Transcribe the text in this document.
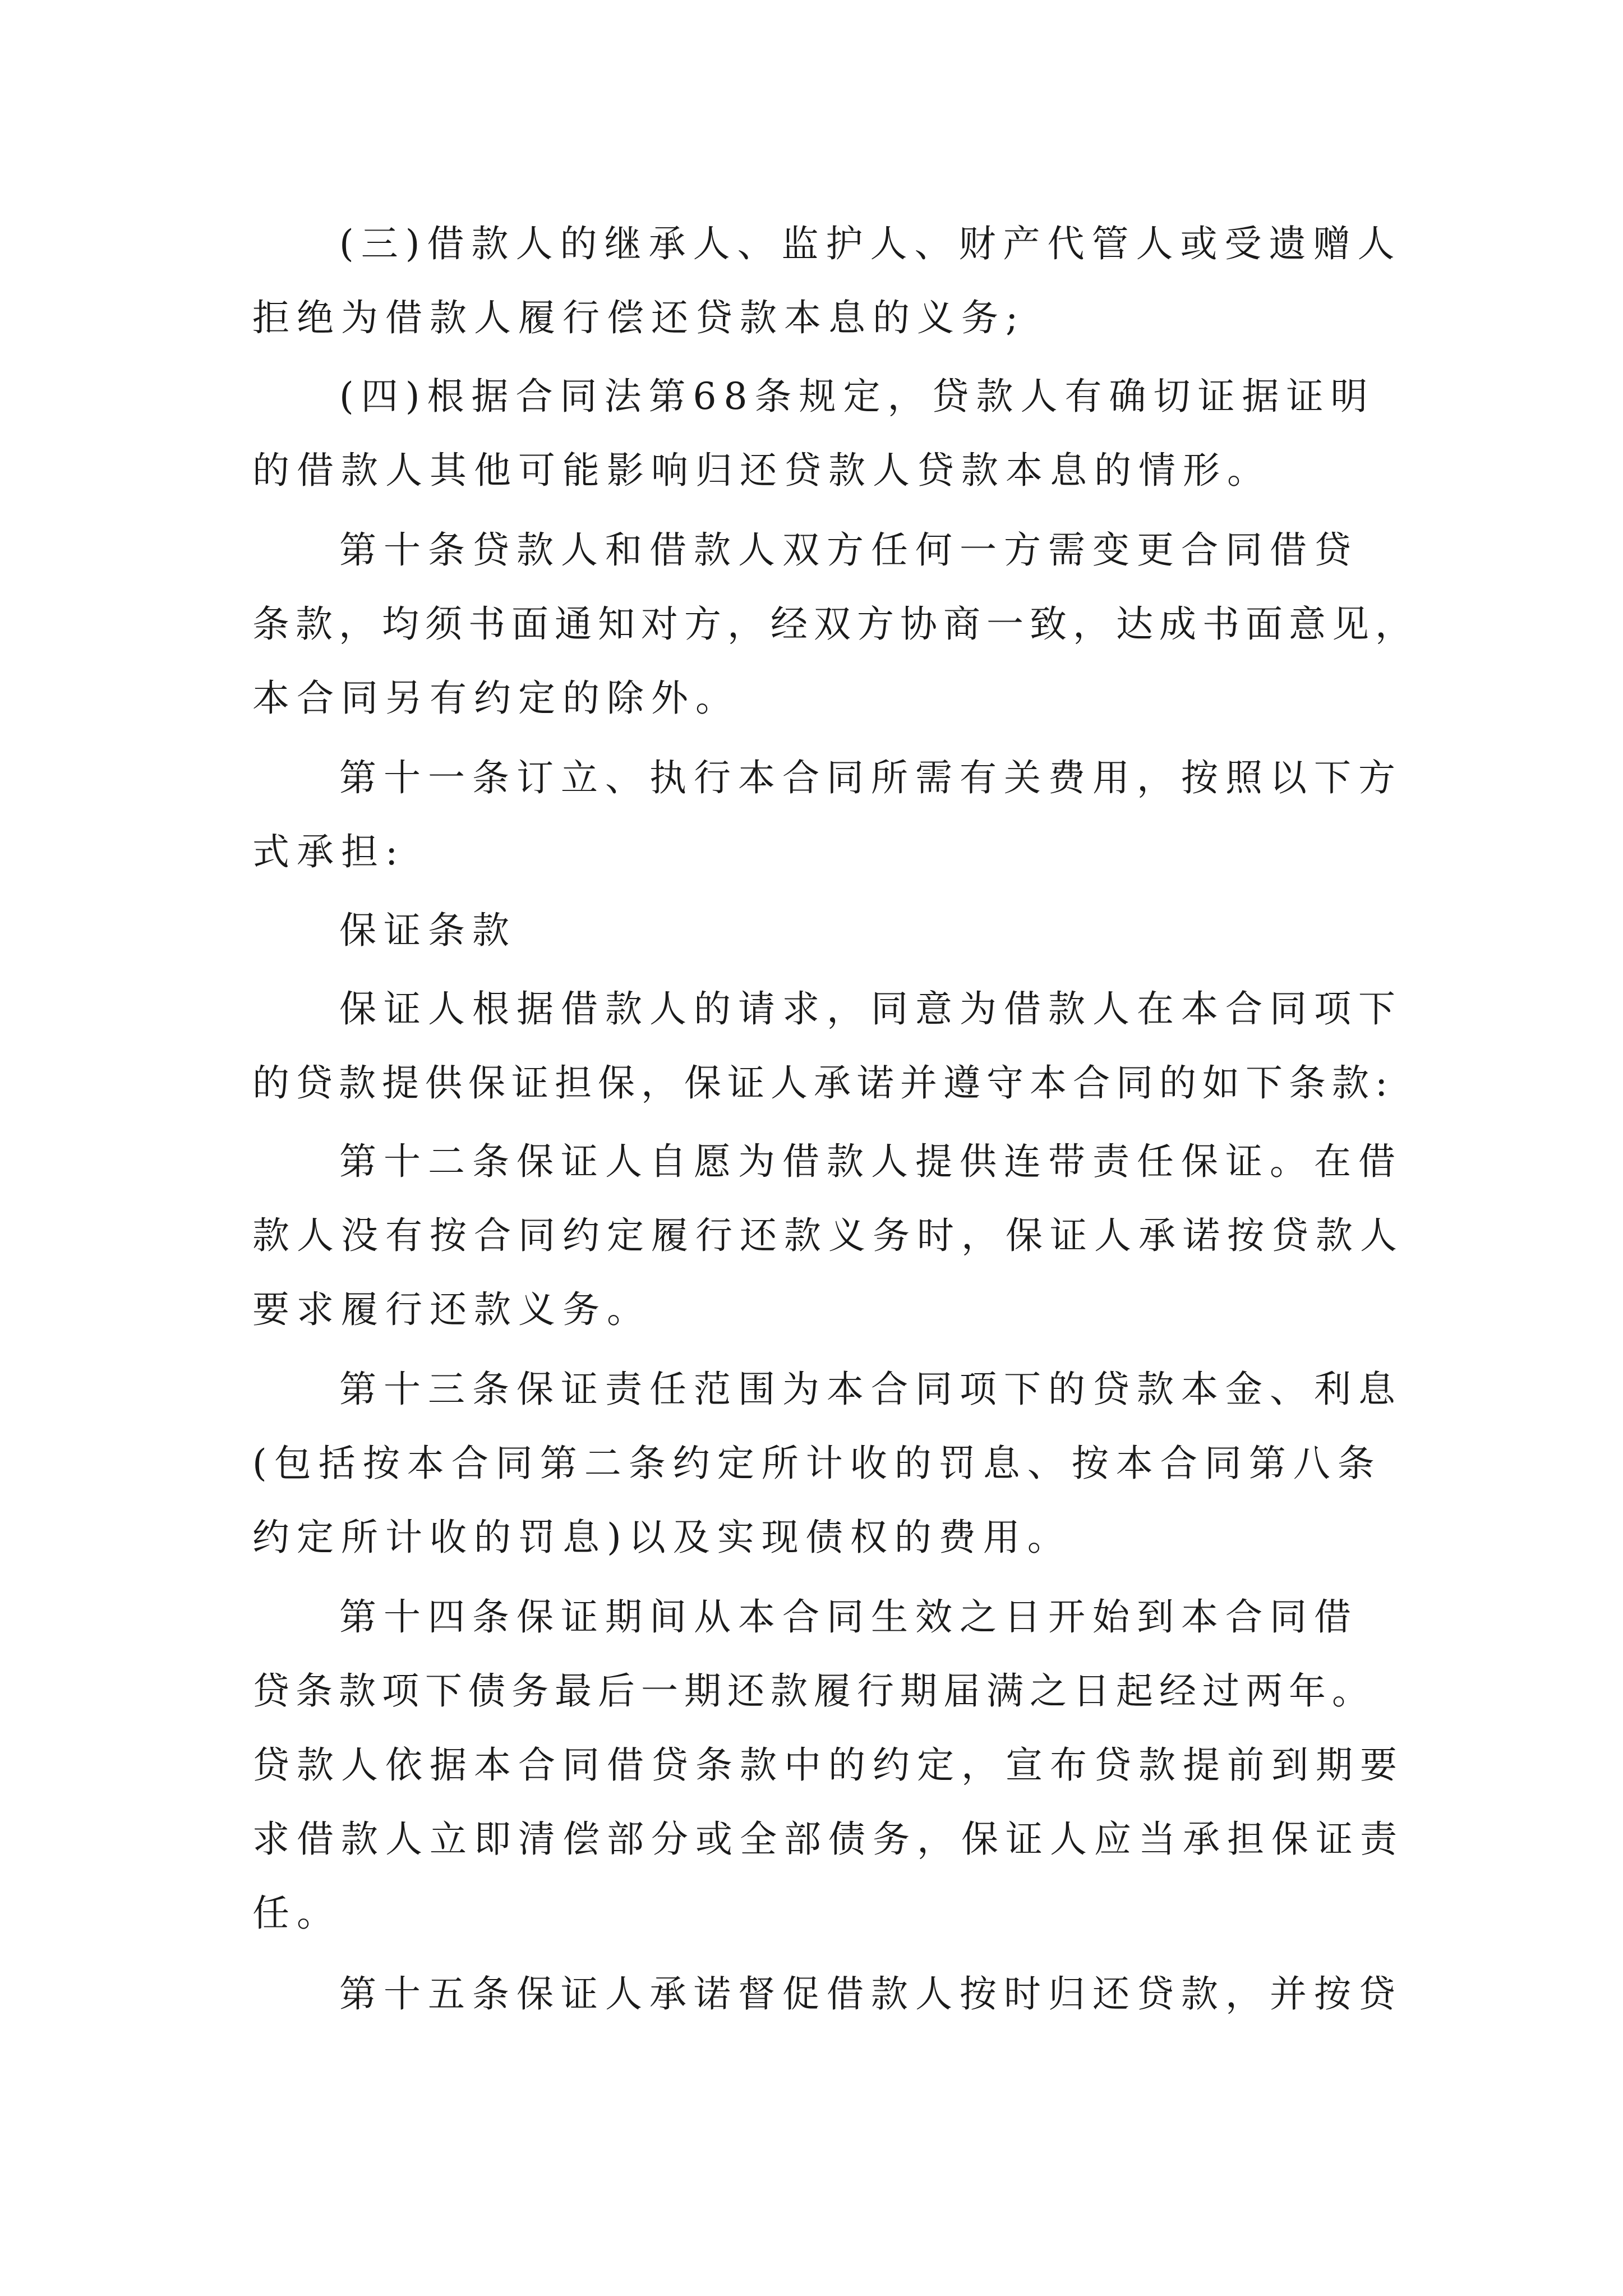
(三)借款人的继承人、监护人、财产代管人或受遗赠人
拒绝为借款人履行偿还贷款本息的义务;
(四)根据合同法第68条规定，贷款人有确切证据证明
的借款人其他可能影响归还贷款人贷款本息的情形。
第十条贷款人和借款人双方任何一方需变更合同借贷
条款，均须书面通知对方，经双方协商一致，达成书面意见，
本合同另有约定的除外。
第十一条订立、执行本合同所需有关费用，按照以下方
式承担:
保证条款
保证人根据借款人的请求，同意为借款人在本合同项下
的贷款提供保证担保，保证人承诺并遵守本合同的如下条款:
第十二条保证人自愿为借款人提供连带责任保证。在借
款人没有按合同约定履行还款义务时，保证人承诺按贷款人
要求履行还款义务。
第十三条保证责任范围为本合同项下的贷款本金、利息
(包括按本合同第二条约定所计收的罚息、按本合同第八条
约定所计收的罚息)以及实现债权的费用。
第十四条保证期间从本合同生效之日开始到本合同借
贷条款项下债务最后一期还款履行期届满之日起经过两年。
贷款人依据本合同借贷条款中的约定，宣布贷款提前到期要
求借款人立即清偿部分或全部债务，保证人应当承担保证责
任。
第十五条保证人承诺督促借款人按时归还贷款，并按贷
